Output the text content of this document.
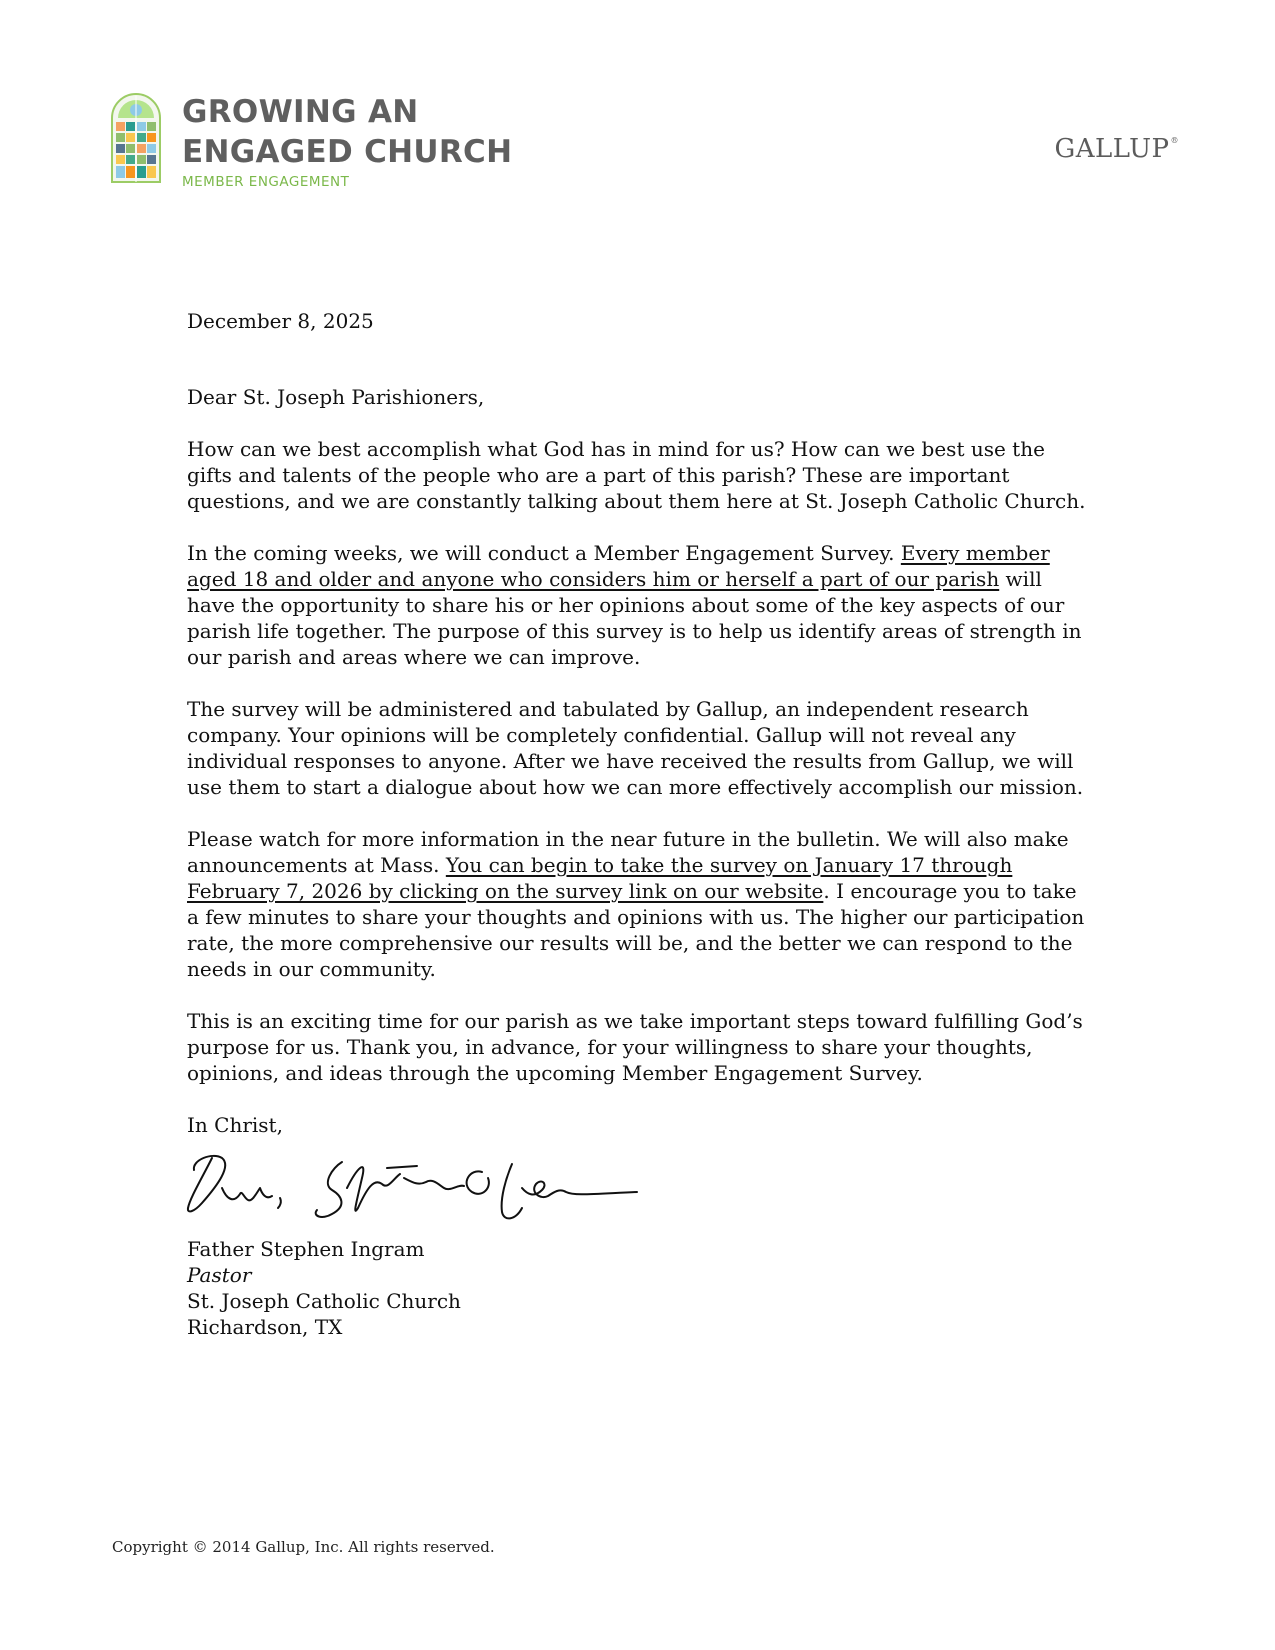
GROWING AN
ENGAGED CHURCH
MEMBER ENGAGEMENT
GALLUP®

December 8, 2025

Dear St. Joseph Parishioners,

How can we best accomplish what God has in mind for us? How can we best use the gifts and talents of the people who are a part of this parish? These are important questions, and we are constantly talking about them here at St. Joseph Catholic Church.

In the coming weeks, we will conduct a Member Engagement Survey. Every member aged 18 and older and anyone who considers him or herself a part of our parish will have the opportunity to share his or her opinions about some of the key aspects of our parish life together. The purpose of this survey is to help us identify areas of strength in our parish and areas where we can improve.

The survey will be administered and tabulated by Gallup, an independent research company. Your opinions will be completely confidential. Gallup will not reveal any individual responses to anyone. After we have received the results from Gallup, we will use them to start a dialogue about how we can more effectively accomplish our mission.

Please watch for more information in the near future in the bulletin. We will also make announcements at Mass. You can begin to take the survey on January 17 through February 7, 2026 by clicking on the survey link on our website. I encourage you to take a few minutes to share your thoughts and opinions with us. The higher our participation rate, the more comprehensive our results will be, and the better we can respond to the needs in our community.

This is an exciting time for our parish as we take important steps toward fulfilling God’s purpose for us. Thank you, in advance, for your willingness to share your thoughts, opinions, and ideas through the upcoming Member Engagement Survey.

In Christ,

Father Stephen Ingram

Pastor

St. Joseph Catholic Church

Richardson, TX

Copyright © 2014 Gallup, Inc. All rights reserved.
